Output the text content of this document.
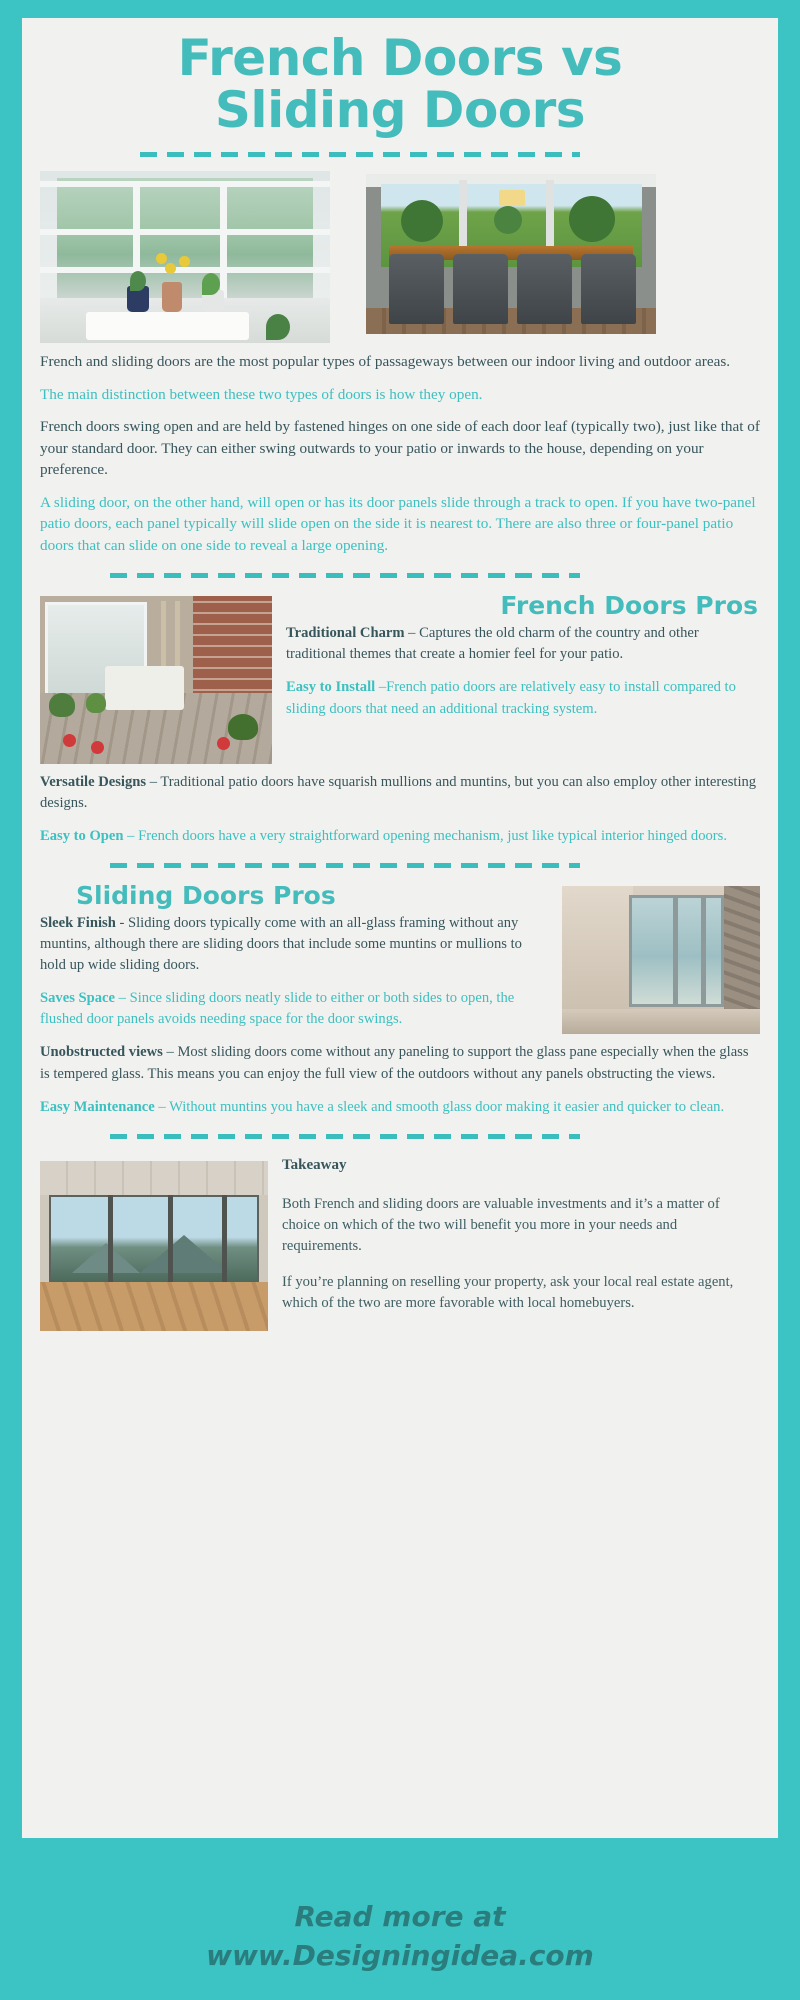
French Doors vs
Sliding Doors

French and sliding doors are the most popular types of passageways between our indoor living and outdoor areas.

The main distinction between these two types of doors is how they open.

French doors swing open and are held by fastened hinges on one side of each door leaf (typically two), just like that of your standard door. They can either swing outwards to your patio or inwards to the house, depending on your preference.

A sliding door, on the other hand, will open or has its door panels slide through a track to open. If you have two-panel patio doors, each panel typically will slide open on the side it is nearest to. There are also three or four-panel patio doors that can slide on one side to reveal a large opening.

French Doors Pros

Traditional Charm – Captures the old charm of the country and other traditional themes that create a homier feel for your patio.

Easy to Install –French patio doors are relatively easy to install compared to sliding doors that need an additional tracking system.

Versatile Designs – Traditional patio doors have squarish mullions and muntins, but you can also employ other interesting designs.

Easy to Open – French doors have a very straightforward opening mechanism, just like typical interior hinged doors.

Sliding Doors Pros

Sleek Finish - Sliding doors typically come with an all-glass framing without any muntins, although there are sliding doors that include some muntins or mullions to hold up wide sliding doors.

Saves Space – Since sliding doors neatly slide to either or both sides to open, the flushed door panels avoids needing space for the door swings.

Unobstructed views – Most sliding doors come without any paneling to support the glass pane especially when the glass is tempered glass. This means you can enjoy the full view of the outdoors without any panels obstructing the views.

Easy Maintenance – Without muntins you have a sleek and smooth glass door making it easier and quicker to clean.

Takeaway

Both French and sliding doors are valuable investments and it’s a matter of choice on which of the two will benefit you more in your needs and requirements.

If you’re planning on reselling your property, ask your local real estate agent, which of the two are more favorable with local homebuyers.

Read more at
www.Designingidea.com
